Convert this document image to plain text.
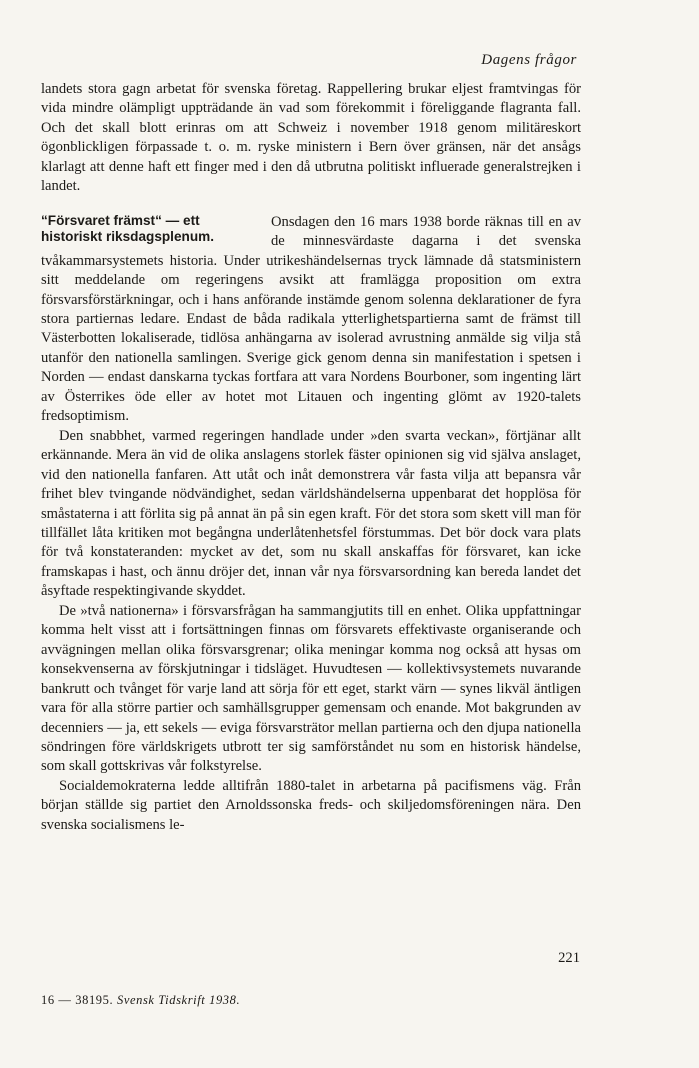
Dagens frågor

landets stora gagn arbetat för svenska företag. Rappellering brukar eljest framtvingas för vida mindre olämpligt uppträdande än vad som förekommit i föreliggande flagranta fall. Och det skall blott erinras om att Schweiz i november 1918 genom militäreskort ögonblickligen förpassade t. o. m. ryske ministern i Bern över gränsen, när det ansågs klarlagt att denne haft ett finger med i den då utbrutna politiskt influerade generalstrejken i landet.

“Försvaret främst“ — ett historiskt riksdagsplenum.

Onsdagen den 16 mars 1938 borde räknas till en av de minnesvärdaste dagarna i det svenska tvåkammarsystemets historia. Under utrikeshändelsernas tryck lämnade då statsministern sitt meddelande om regeringens avsikt att framlägga proposition om extra försvarsförstärkningar, och i hans anförande instämde genom solenna deklarationer de fyra stora partiernas ledare. Endast de båda radikala ytterlighetspartierna samt de främst till Västerbotten lokaliserade, tidlösa anhängarna av isolerad avrustning anmälde sig vilja stå utanför den nationella samlingen. Sverige gick genom denna sin manifestation i spetsen i Norden — endast danskarna tyckas fortfara att vara Nordens Bourboner, som ingenting lärt av Österrikes öde eller av hotet mot Litauen och ingenting glömt av 1920-talets fredsoptimism.

Den snabbhet, varmed regeringen handlade under »den svarta veckan», förtjänar allt erkännande. Mera än vid de olika anslagens storlek fäster opinionen sig vid själva anslaget, vid den nationella fanfaren. Att utåt och inåt demonstrera vår fasta vilja att bepansra vår frihet blev tvingande nödvändighet, sedan världshändelserna uppenbarat det hopplösa för småstaterna i att förlita sig på annat än på sin egen kraft. För det stora som skett vill man för tillfället låta kritiken mot begångna underlåtenhetsfel förstummas. Det bör dock vara plats för två konstateranden: mycket av det, som nu skall anskaffas för försvaret, kan icke framskapas i hast, och ännu dröjer det, innan vår nya försvarsordning kan bereda landet det åsyftade respektingivande skyddet.

De »två nationerna» i försvarsfrågan ha sammangjutits till en enhet. Olika uppfattningar komma helt visst att i fortsättningen finnas om försvarets effektivaste organiserande och avvägningen mellan olika försvarsgrenar; olika meningar komma nog också att hysas om konsekvenserna av förskjutningar i tidsläget. Huvudtesen — kollektivsystemets nuvarande bankrutt och tvånget för varje land att sörja för ett eget, starkt värn — synes likväl äntligen vara för alla större partier och samhällsgrupper gemensam och enande. Mot bakgrunden av decenniers — ja, ett sekels — eviga försvarsträtor mellan partierna och den djupa nationella söndringen före världskrigets utbrott ter sig samförståndet nu som en historisk händelse, som skall gottskrivas vår folkstyrelse.

Socialdemokraterna ledde alltifrån 1880-talet in arbetarna på pacifismens väg. Från början ställde sig partiet den Arnoldssonska freds- och skiljedomsföreningen nära. Den svenska socialismens le-

221
16 — 38195. Svensk Tidskrift 1938.
